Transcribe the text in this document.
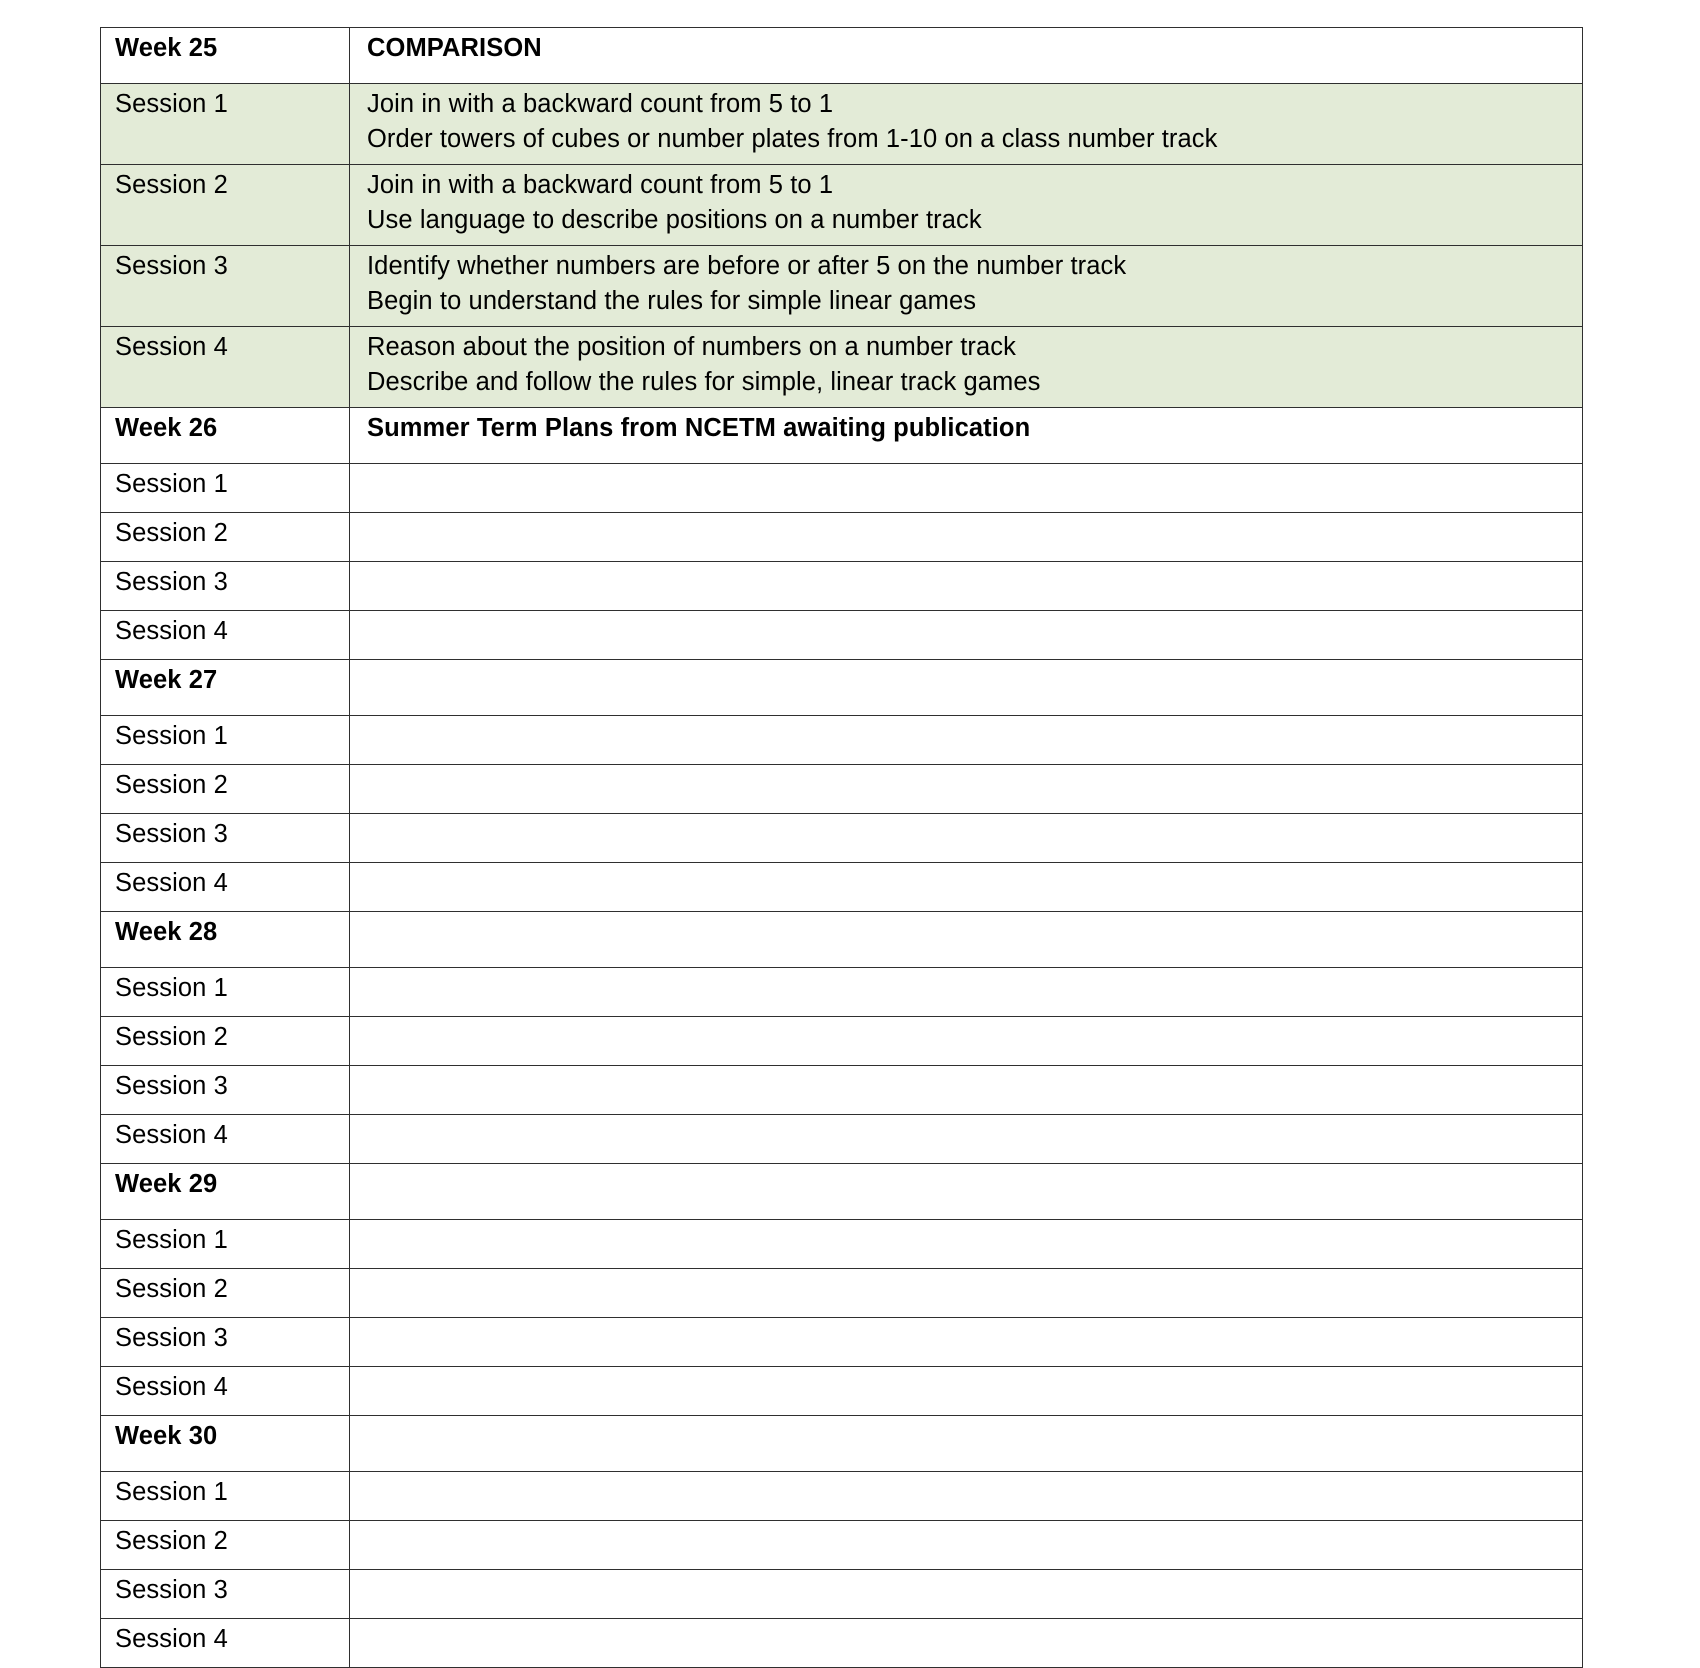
Week 25	COMPARISON

Session 1	Join in with a backward count from 5 to 1
Order towers of cubes or number plates from 1-10 on a class number track

Session 2	Join in with a backward count from 5 to 1
Use language to describe positions on a number track

Session 3	Identify whether numbers are before or after 5 on the number track
Begin to understand the rules for simple linear games

Session 4	Reason about the position of numbers on a number track
Describe and follow the rules for simple, linear track games

Week 26	Summer Term Plans from NCETM awaiting publication

Session 1	

Session 2	

Session 3	

Session 4	

Week 27	

Session 1	

Session 2	

Session 3	

Session 4	

Week 28	

Session 1	

Session 2	

Session 3	

Session 4	

Week 29	

Session 1	

Session 2	

Session 3	

Session 4	

Week 30	

Session 1	

Session 2	

Session 3	

Session 4	
